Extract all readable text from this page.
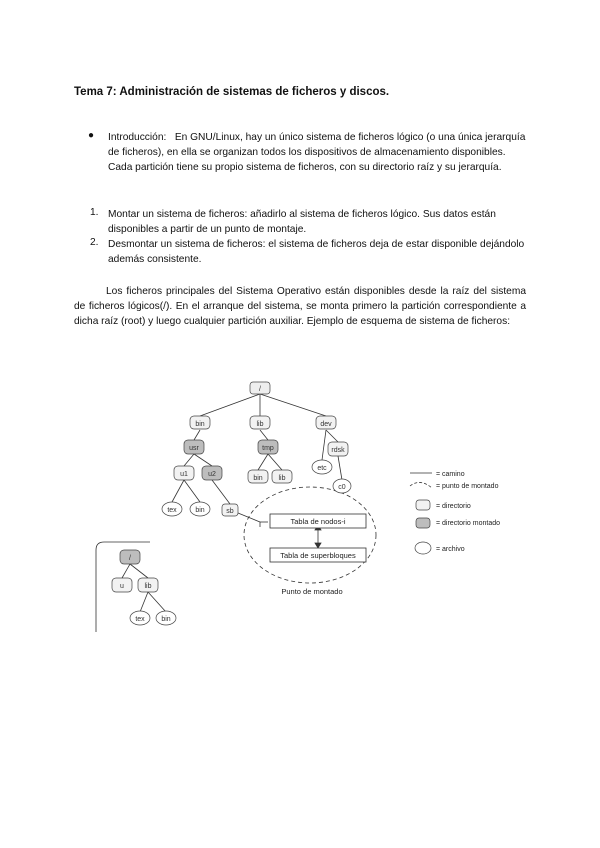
Tema 7: Administración de sistemas de ficheros y discos.
● Introducción: En GNU/Linux, hay un único sistema de ficheros lógico (o una única jerarquía de ficheros), en ella se organizan todos los dispositivos de almacenamiento disponibles. Cada partición tiene su propio sistema de ficheros, con su directorio raíz y su jerarquía.
1. Montar un sistema de ficheros: añadirlo al sistema de ficheros lógico. Sus datos están disponibles a partir de un punto de montaje.
2. Desmontar un sistema de ficheros: el sistema de ficheros deja de estar disponible dejándolo además consistente.
Los ficheros principales del Sistema Operativo están disponibles desde la raíz del sistema de ficheros lógicos(/). En el arranque del sistema, se monta primero la partición correspondiente a dicha raíz (root) y luego cualquier partición auxiliar. Ejemplo de esquema de sistema de ficheros:
/
bin	lib	dev
usr	tmp	rdsk
etc
u1	u2
bin lib
c0
tex	bin	sb
/
u	lib
tex bin
Tabla de nodos-i
Tabla de superbloques
Punto de montado
= camino
= punto de montado
= directorio
= directorio montado
= archivo
